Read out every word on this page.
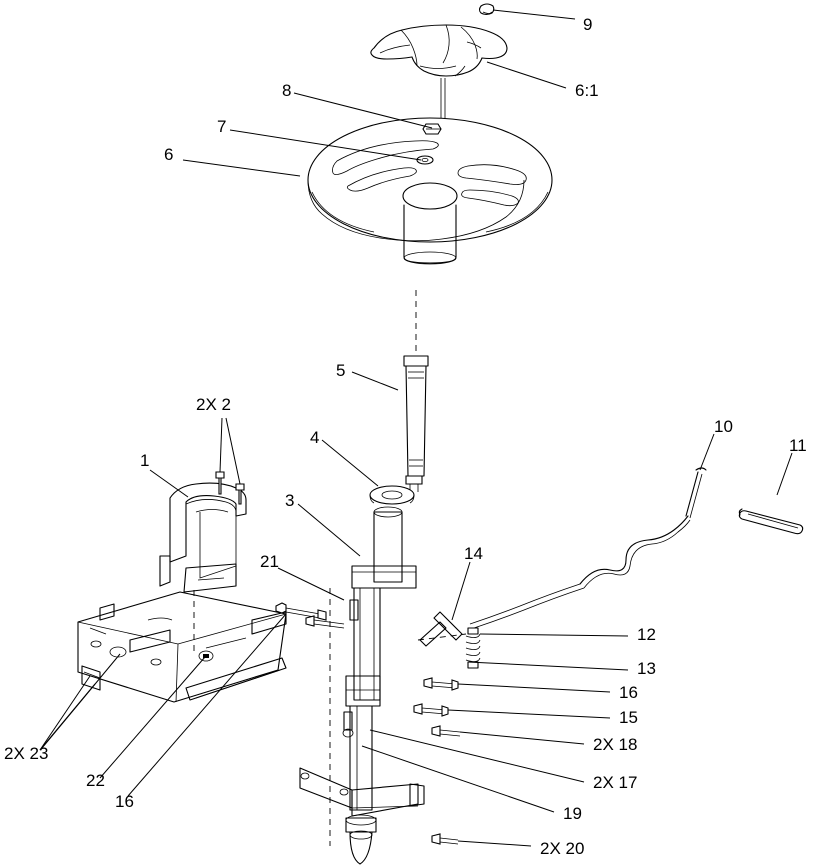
9
6:1
8
7
6
5
4
3
1
2X 2
10
11
21	14
12
13
16
15
2X 18
2X 17
19
2X 20
2X 23
22
16
